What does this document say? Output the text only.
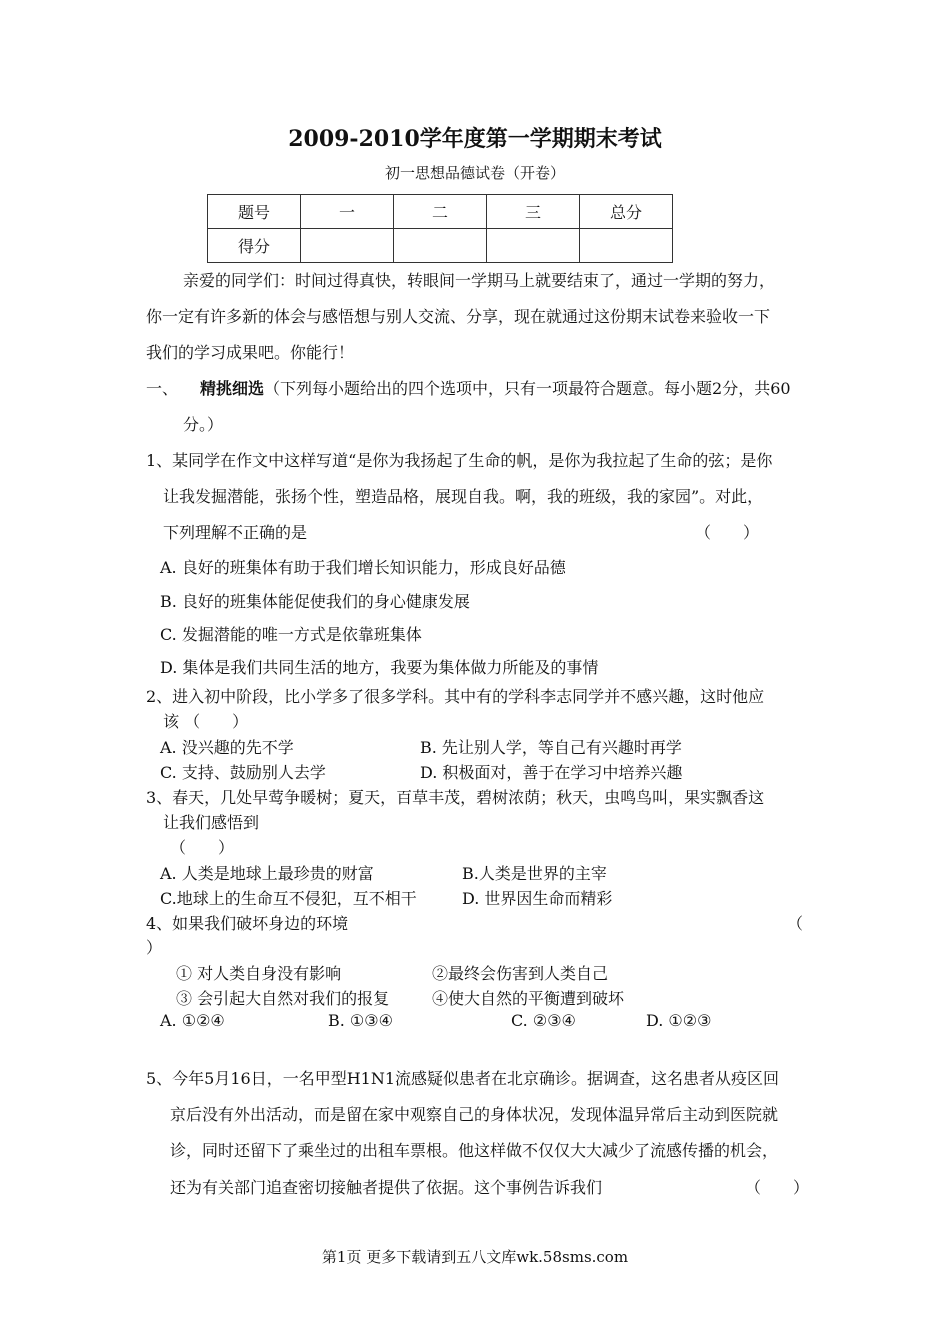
2009-2010学年度第一学期期末考试
初一思想品德试卷（开卷）
题号	一	二	三	总分
得分				
亲爱的同学们：时间过得真快，转眼间一学期马上就要结束了，通过一学期的努力，
你一定有许多新的体会与感悟想与别人交流、分享，现在就通过这份期末试卷来验收一下
我们的学习成果吧。你能行！
一、 精挑细选（下列每小题给出的四个选项中，只有一项最符合题意。每小题2分，共60
分。）
1、某同学在作文中这样写道“是你为我扬起了生命的帆，是你为我拉起了生命的弦；是你
让我发掘潜能，张扬个性，塑造品格，展现自我。啊，我的班级，我的家园”。对此，
下列理解不正确的是	（　　）
A. 良好的班集体有助于我们增长知识能力，形成良好品德
B. 良好的班集体能促使我们的身心健康发展
C. 发掘潜能的唯一方式是依靠班集体
D. 集体是我们共同生活的地方，我要为集体做力所能及的事情
2、进入初中阶段，比小学多了很多学科。其中有的学科李志同学并不感兴趣，这时他应
该 （　　）
A. 没兴趣的先不学	B. 先让别人学，等自己有兴趣时再学
C. 支持、鼓励别人去学	D. 积极面对，善于在学习中培养兴趣
3、春天，几处早莺争暖树；夏天，百草丰茂，碧树浓荫；秋天，虫鸣鸟叫，果实飘香这
让我们感悟到
（　　）
A. 人类是地球上最珍贵的财富	B.人类是世界的主宰
C.地球上的生命互不侵犯，互不相干	D. 世界因生命而精彩
4、如果我们破坏身边的环境	（
）
① 对人类自身没有影响	②最终会伤害到人类自己
③ 会引起大自然对我们的报复	④使大自然的平衡遭到破坏
A. ①②④	B. ①③④	C. ②③④	D. ①②③
5、今年5月16日，一名甲型H1N1流感疑似患者在北京确诊。据调查，这名患者从疫区回
京后没有外出活动，而是留在家中观察自己的身体状况，发现体温异常后主动到医院就
诊，同时还留下了乘坐过的出租车票根。他这样做不仅仅大大减少了流感传播的机会，
还为有关部门追查密切接触者提供了依据。这个事例告诉我们	（　　）
第1页 更多下载请到五八文库wk.58sms.com
